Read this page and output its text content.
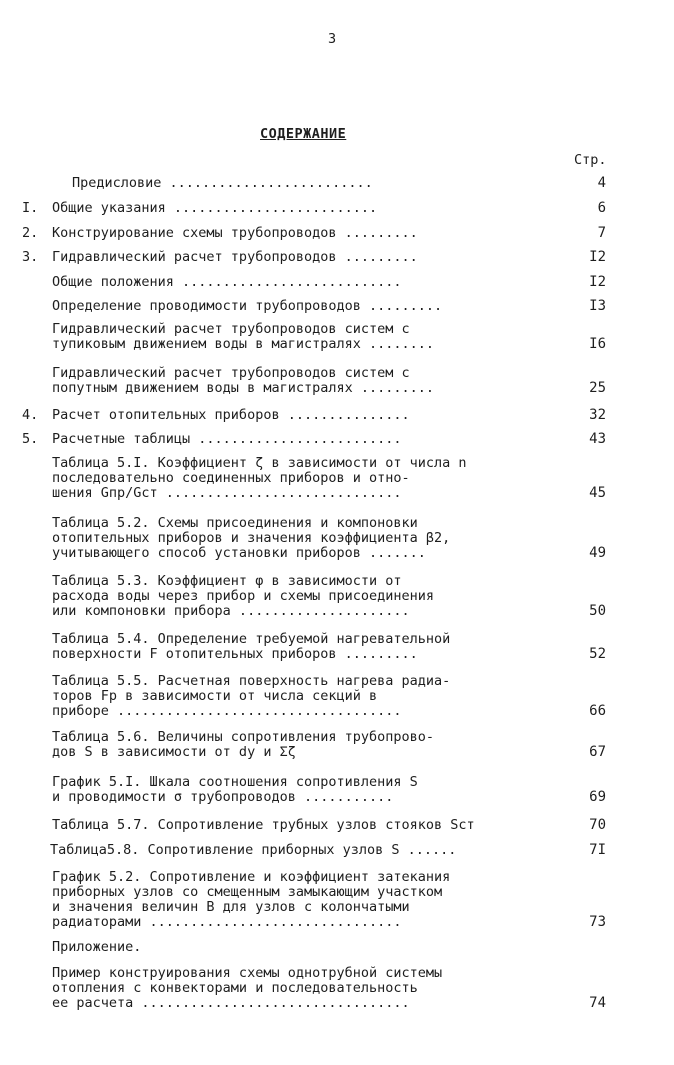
3
СОДЕРЖАНИЕ
Стр.
Предисловие .........................	4
I. Общие указания .........................	6
2. Конструирование схемы трубопроводов .........	7
3. Гидравлический расчет трубопроводов .........	I2
Общие положения ...........................	I2
Определение проводимости трубопроводов .........	I3
Гидравлический расчет трубопроводов систем с
тупиковым движением воды в магистралях ........	I6
Гидравлический расчет трубопроводов систем с
попутным движением воды в магистралях .........	25
4. Расчет отопительных приборов ...............	32
5. Расчетные таблицы .........................	43
Таблица 5.I. Коэффициент ζ в зависимости от числа n
последовательно соединенных приборов и отно-
шения Gпр/Gст .............................	45
Таблица 5.2. Схемы присоединения и компоновки
отопительных приборов и значения коэффициента β2,
учитывающего способ установки приборов .......	49
Таблица 5.3. Коэффициент φ в зависимости от
расхода воды через прибор и схемы присоединения
или компоновки прибора .....................	50
Таблица 5.4. Определение требуемой нагревательной
поверхности F отопительных приборов .........	52
Таблица 5.5. Расчетная поверхность нагрева радиа-
торов Fр в зависимости от числа секций в
приборе ...................................	66
Таблица 5.6. Величины сопротивления трубопрово-
дов S в зависимости от dу и Σζ	67
График 5.I. Шкала соотношения сопротивления S
и проводимости σ трубопроводов ...........	69
Таблица 5.7. Сопротивление трубных узлов стояков Sст	70
Таблица5.8. Сопротивление приборных узлов S ......	7I
График 5.2. Сопротивление и коэффициент затекания
приборных узлов со смещенным замыкающим участком
и значения величин В для узлов с колончатыми
радиаторами ...............................	73
Приложение.
Пример конструирования схемы однотрубной системы
отопления с конвекторами и последовательность
ее расчета .................................	74
